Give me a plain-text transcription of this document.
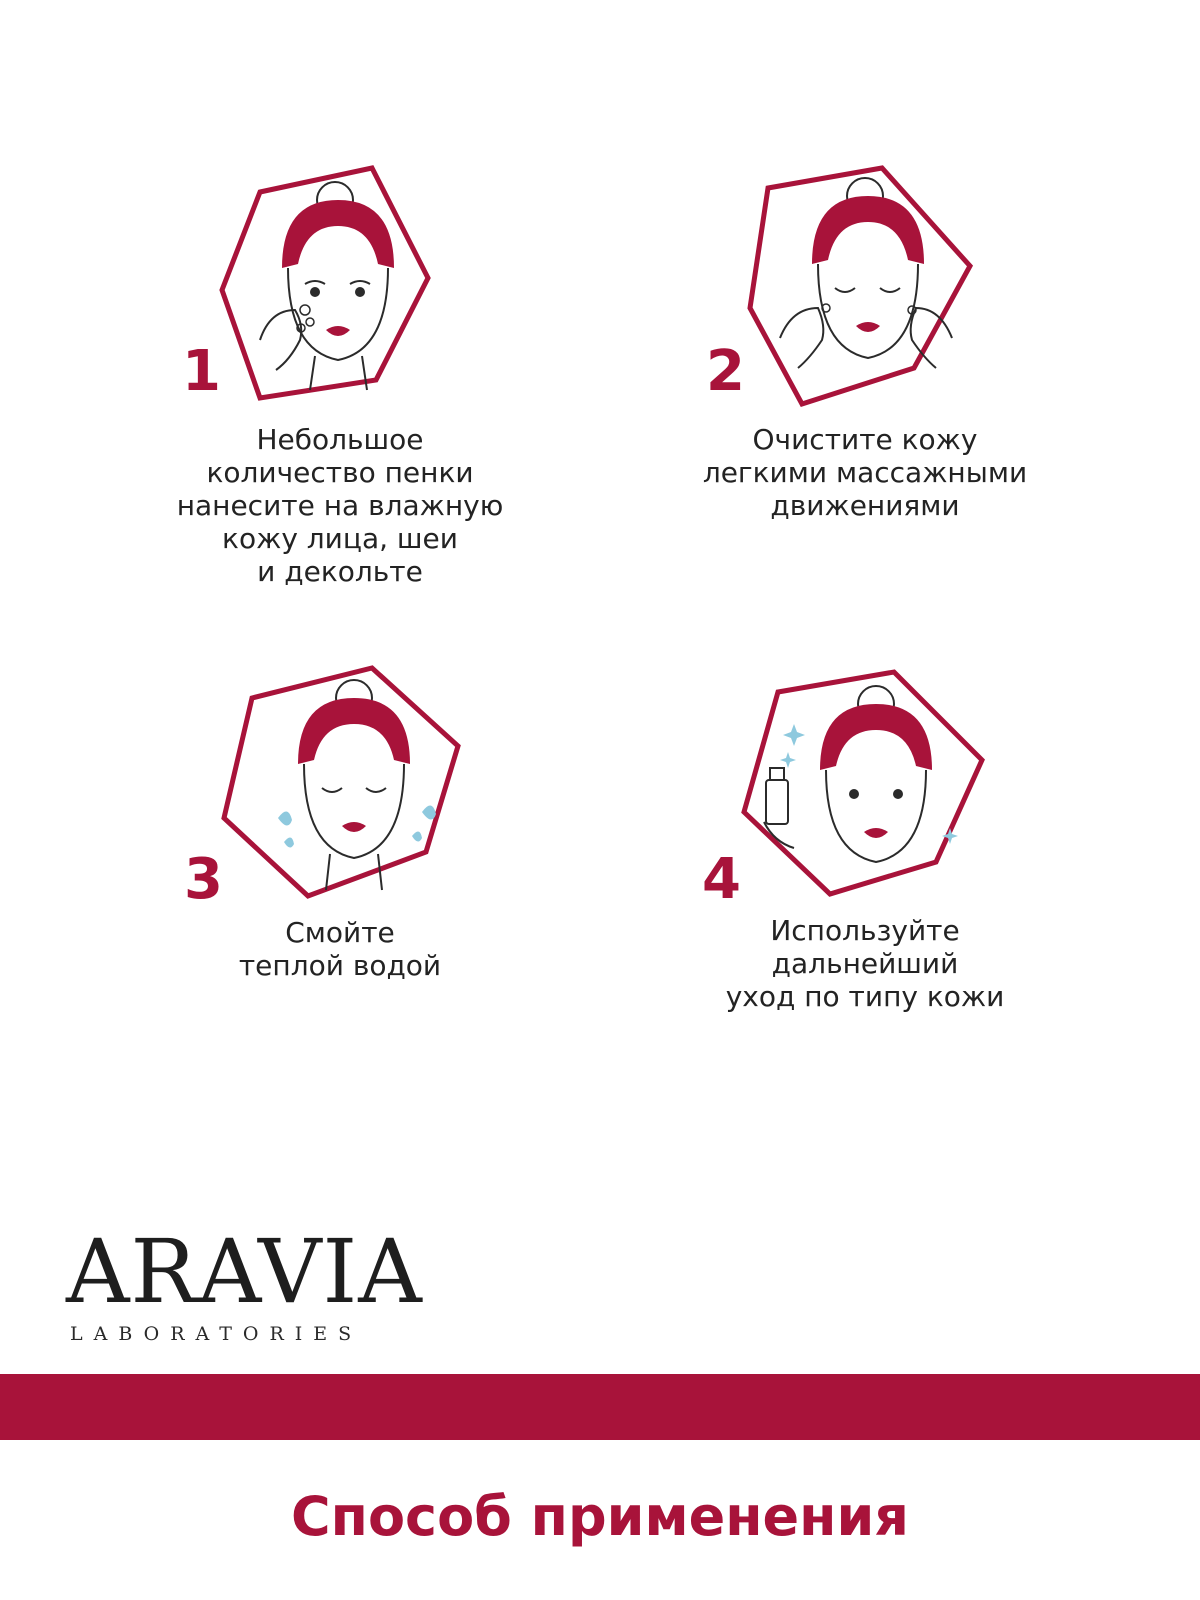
1
Небольшое
количество пенки
нанесите на влажную
кожу лица, шеи
и декольте
2
Очистите кожу
легкими массажными
движениями
3
Смойте
теплой водой
4
Используйте
дальнейший
уход по типу кожи
ARAVIA
LABORATORIES
Способ применения
